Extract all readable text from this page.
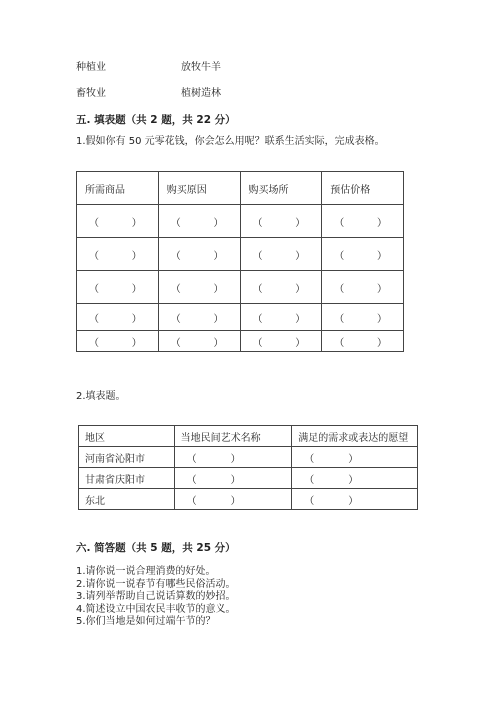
种植业	放牧牛羊
畜牧业	植树造林
五. 填表题（共 2 题，共 22 分）
1.假如你有 50 元零花钱，你会怎么用呢？联系生活实际，完成表格。
所需商品	购买原因	购买场所	预估价格

（ ）	（ ）	（ ）	（ ）

（ ）	（ ）	（ ）	（ ）

（ ）	（ ）	（ ）	（ ）

（ ）	（ ）	（ ）	（ ）

（ ）	（ ）	（ ）	（ ）
2.填表题。
地区	当地民间艺术名称	满足的需求或表达的愿望
河南省沁阳市	（ ）	（ ）

甘肃省庆阳市	（ ）	（ ）

东北	（ ）	（ ）
六. 简答题（共 5 题，共 25 分）
1.请你说一说合理消费的好处。
2.请你说一说春节有哪些民俗活动。
3.请列举帮助自己说话算数的妙招。
4.简述设立中国农民丰收节的意义。
5.你们当地是如何过端午节的？
